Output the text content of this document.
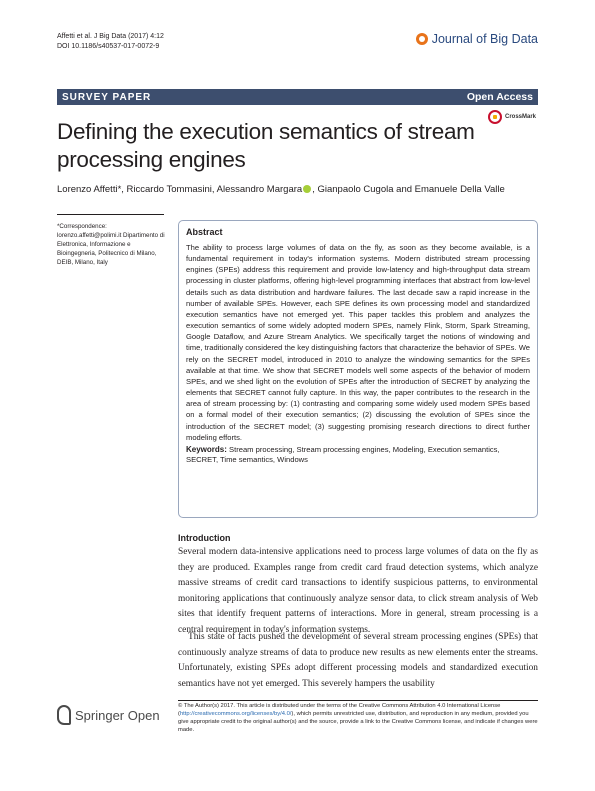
Affetti et al. J Big Data (2017) 4:12
DOI 10.1186/s40537-017-0072-9
Journal of Big Data
SURVEY PAPER	Open Access
Defining the execution semantics of stream processing engines
CrossMark
Lorenzo Affetti*, Riccardo Tommasini, Alessandro Margara , Gianpaolo Cugola and Emanuele Della Valle
*Correspondence: lorenzo.affetti@polimi.it Dipartimento di Elettronica, Informazione e Bioingegneria, Politecnico di Milano, DEIB, Milano, Italy
Abstract

The ability to process large volumes of data on the fly, as soon as they become available, is a fundamental requirement in today's information systems. Modern distributed stream processing engines (SPEs) address this requirement and provide low-latency and high-throughput data stream processing in cluster platforms, offering high-level programming interfaces that abstract from low-level details such as data distribution and hardware failures. The last decade saw a rapid increase in the number of available SPEs. However, each SPE defines its own processing model and standardized execution semantics have not emerged yet. This paper tackles this problem and analyzes the execution semantics of some widely adopted modern SPEs, namely Flink, Storm, Spark Streaming, Google Dataflow, and Azure Stream Analytics. We specifically target the notions of windowing and time, traditionally considered the key distinguishing factors that characterize the behavior of SPEs. We rely on the SECRET model, introduced in 2010 to analyze the windowing semantics for the SPEs available at that time. We show that SECRET models well some aspects of the behavior of modern SPEs, and we shed light on the evolution of SPEs after the introduction of SECRET by analyzing the elements that SECRET cannot fully capture. In this way, the paper contributes to the research in the area of stream processing by: (1) contrasting and comparing some widely used modern SPEs based on a formal model of their execution semantics; (2) discussing the evolution of SPEs since the introduction of the SECRET model; (3) suggesting promising research directions to direct further modeling efforts.

Keywords: Stream processing, Stream processing engines, Modeling, Execution semantics, SECRET, Time semantics, Windows
Introduction
Several modern data-intensive applications need to process large volumes of data on the fly as they are produced. Examples range from credit card fraud detection systems, which analyze massive streams of credit card transactions to identify suspicious patterns, to environmental monitoring applications that continuously analyze sensor data, to click stream analysis of Web sites that identify frequent patterns of interactions. More in general, stream processing is a central requirement in today's information systems.
This state of facts pushed the development of several stream processing engines (SPEs) that continuously analyze streams of data to produce new results as new elements enter the streams. Unfortunately, existing SPEs adopt different processing models and standardized execution semantics have not yet emerged. This severely hampers the usability
Springer Open
© The Author(s) 2017. This article is distributed under the terms of the Creative Commons Attribution 4.0 International License (http://creativecommons.org/licenses/by/4.0/), which permits unrestricted use, distribution, and reproduction in any medium, provided you give appropriate credit to the original author(s) and the source, provide a link to the Creative Commons license, and indicate if changes were made.
